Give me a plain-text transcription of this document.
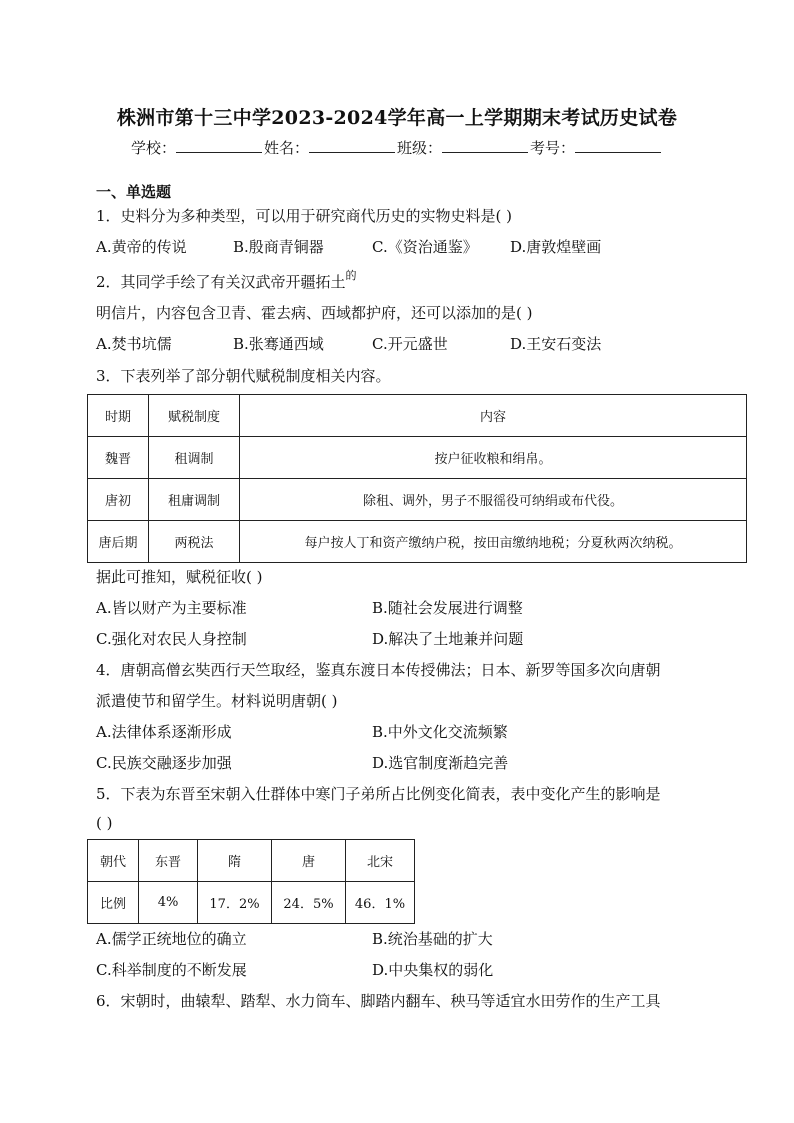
株洲市第十三中学2023-2024学年高一上学期期末考试历史试卷
学校：	姓名：	班级：	考号：
一、单选题
1．史料分为多种类型，可以用于研究商代历史的实物史料是( )
A.黄帝的传说	B.殷商青铜器	C.《资治通鉴》 D.唐敦煌壁画
2．其同学手绘了有关汉武帝开疆拓土$^的$
明信片，内容包含卫青、霍去病、西域都护府，还可以添加的是( )
A.焚书坑儒	B.张骞通西域	C.开元盛世	D.王安石变法
3．下表列举了部分朝代赋税制度相关内容。
时期	赋税制度	内容
魏晋	租调制	按户征收粮和绢帛。
唐初	租庸调制	除租、调外，男子不服徭役可纳绢或布代役。
唐后期	两税法	每户按人丁和资产缴纳户税，按田亩缴纳地税；分夏秋两次纳税。
据此可推知，赋税征收( )
A.皆以财产为主要标准	B.随社会发展进行调整
C.强化对农民人身控制	D.解决了土地兼并问题
4．唐朝高僧玄奘西行天竺取经，鉴真东渡日本传授佛法；日本、新罗等国多次向唐朝
派遣使节和留学生。材料说明唐朝( )
A.法律体系逐渐形成	B.中外文化交流频繁
C.民族交融逐步加强	D.选官制度渐趋完善
5．下表为东晋至宋朝入仕群体中寒门子弟所占比例变化简表，表中变化产生的影响是
( )
朝代	东晋	隋	唐	北宋
比例	4%	17．2%	24．5%	46．1%
A.儒学正统地位的确立	B.统治基础的扩大
C.科举制度的不断发展	D.中央集权的弱化
6．宋朝时，曲辕犁、踏犁、水力筒车、脚踏内翻车、秧马等适宜水田劳作的生产工具
